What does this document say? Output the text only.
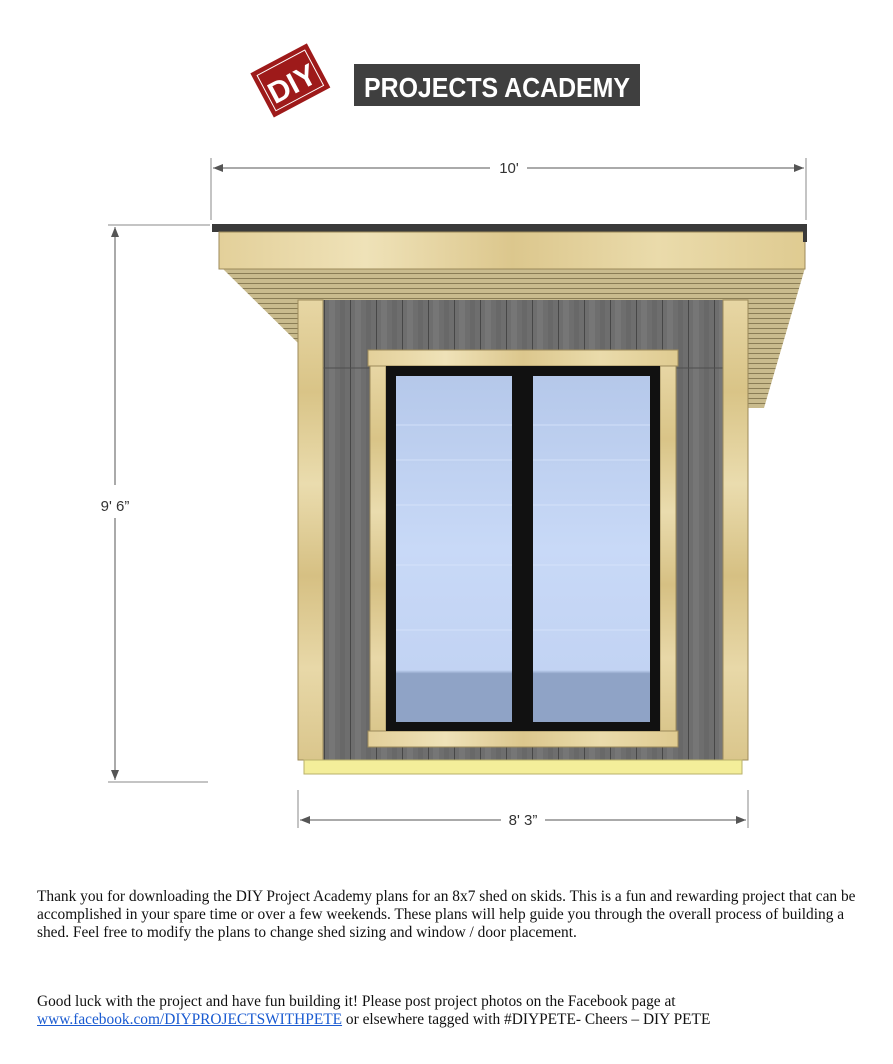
DIY PROJECTS ACADEMY
10'
9' 6”
8' 3”

Thank you for downloading the DIY Project Academy plans for an 8x7 shed on skids. This is a fun and rewarding project that can be accomplished in your spare time or over a few weekends. These plans will help guide you through the overall process of building a shed. Feel free to modify the plans to change shed sizing and window / door placement.

Good luck with the project and have fun building it! Please post project photos on the Facebook page at www.facebook.com/DIYPROJECTSWITHPETE or elsewhere tagged with #DIYPETE- Cheers – DIY PETE
